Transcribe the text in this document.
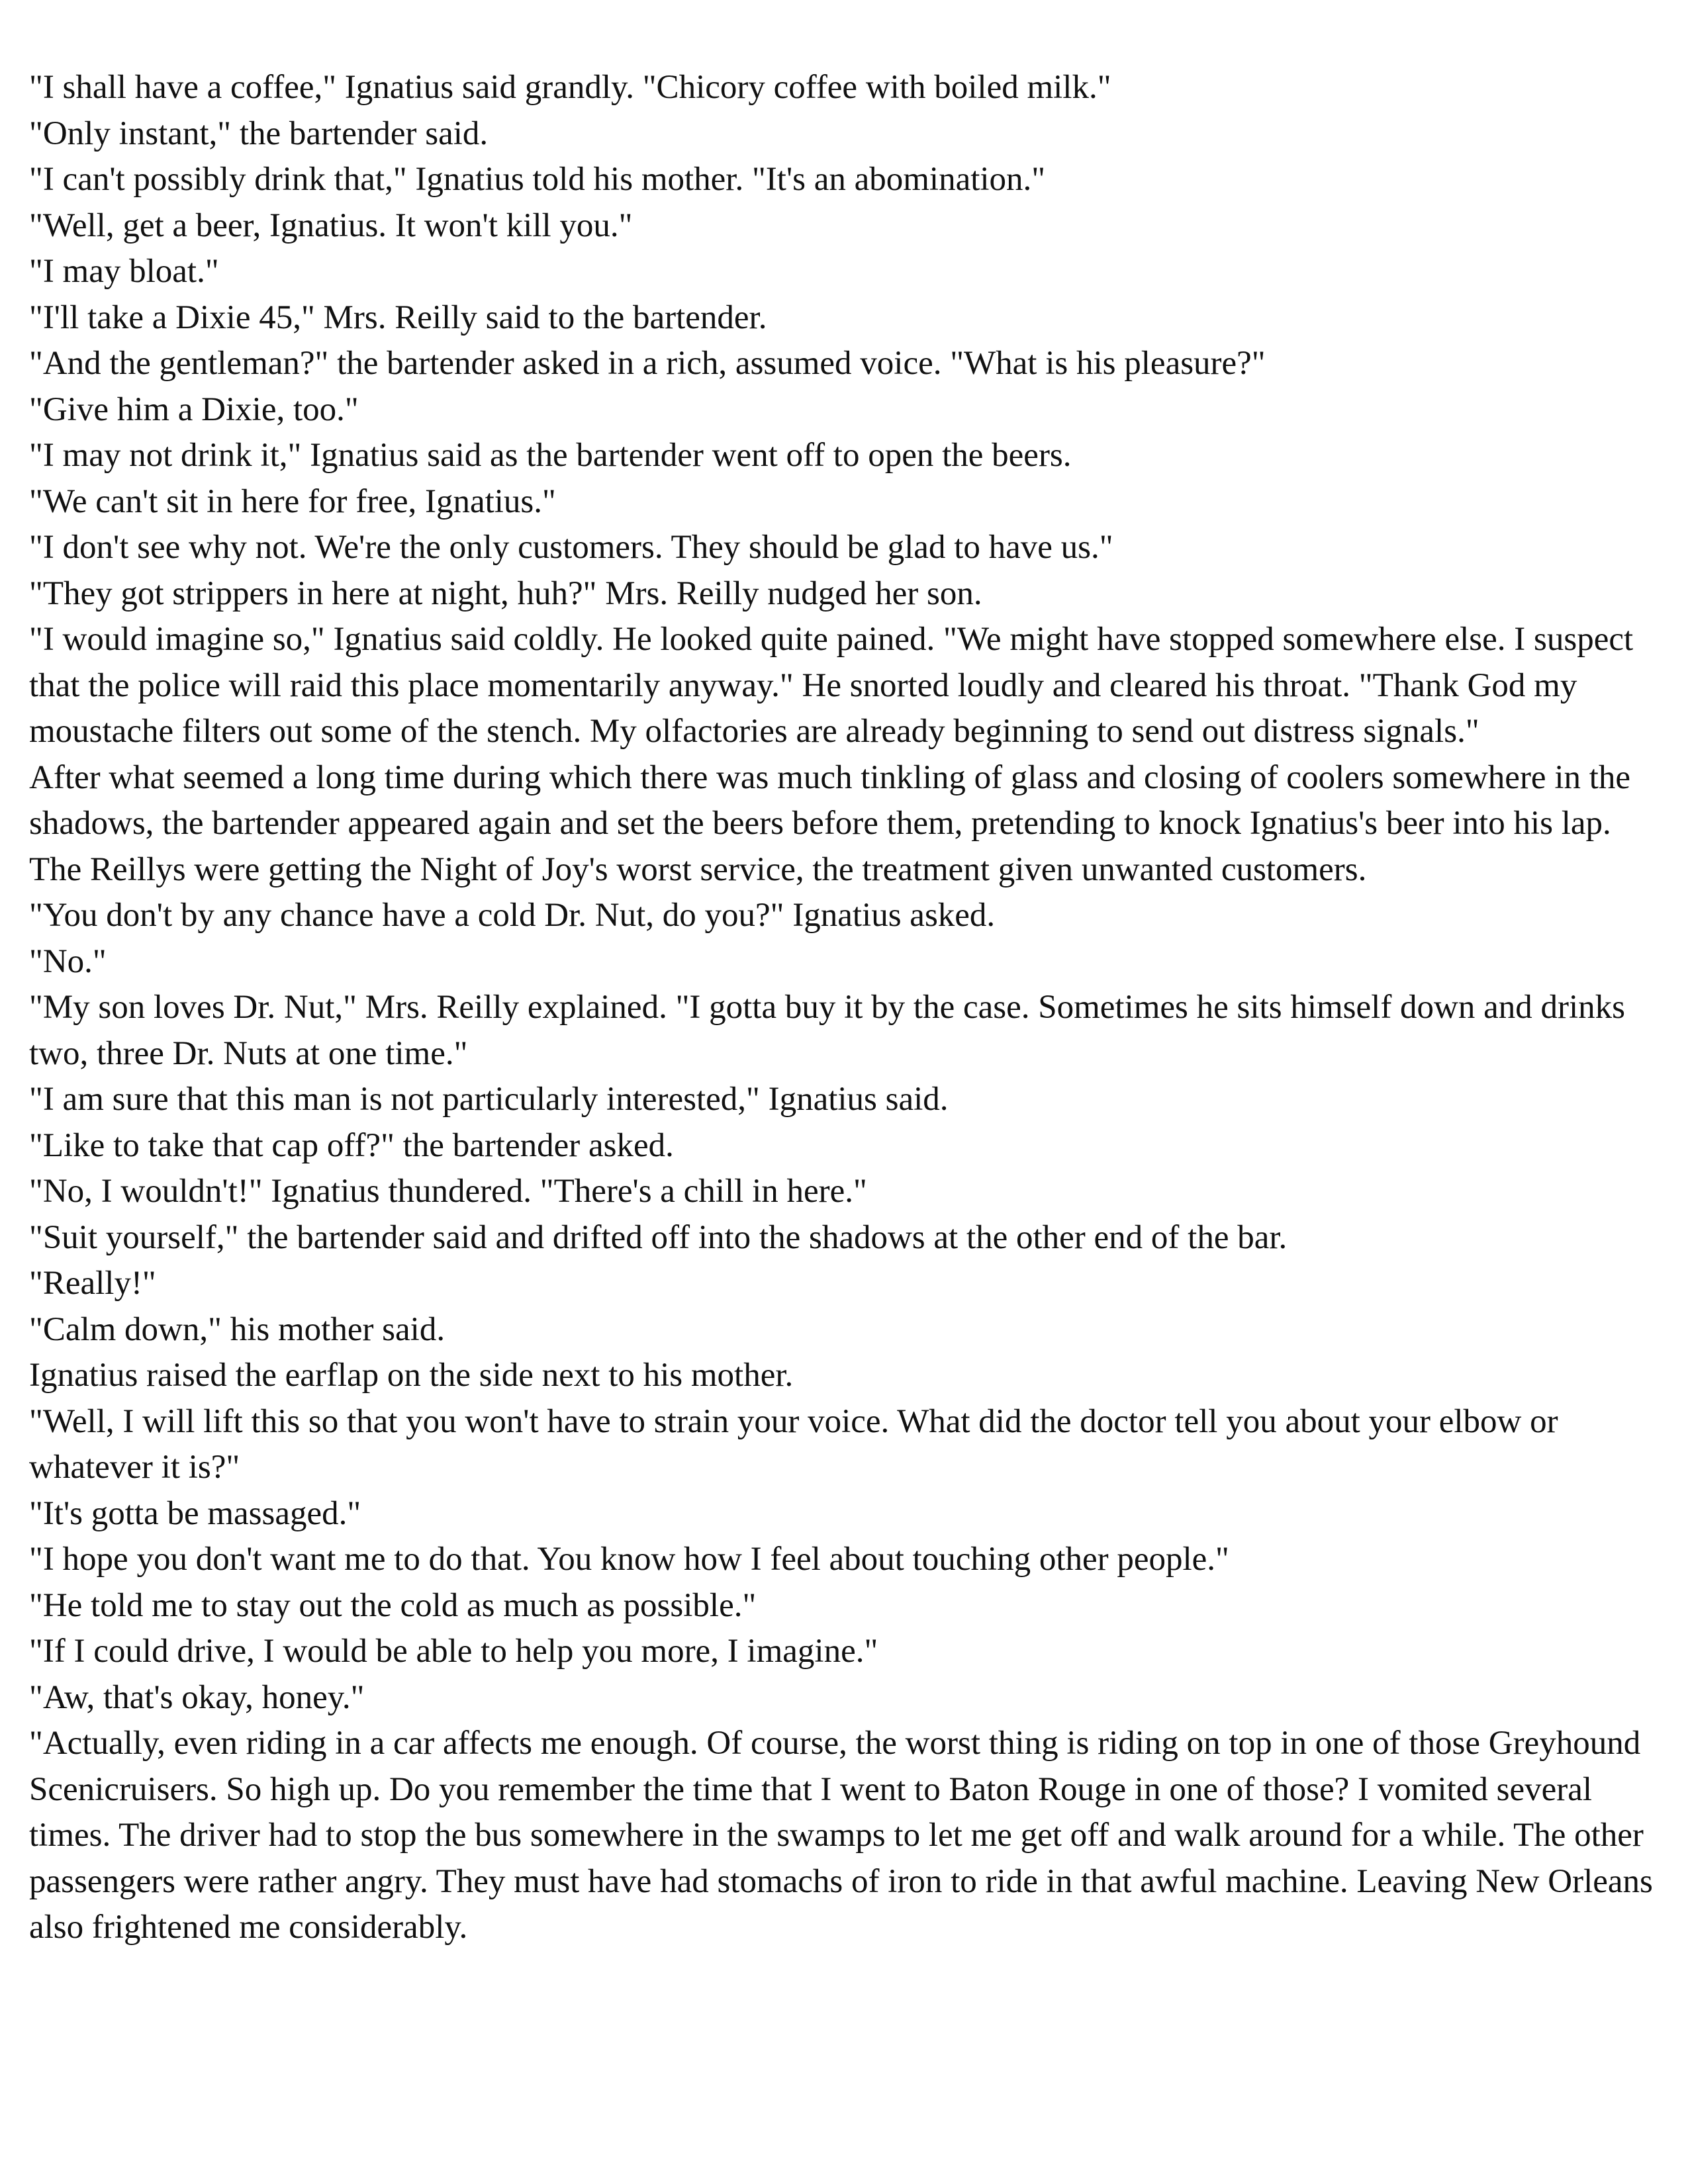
"I shall have a coffee," Ignatius said grandly. "Chicory coffee with boiled milk."

"Only instant," the bartender said.

"I can't possibly drink that," Ignatius told his mother. "It's an abomination."

"Well, get a beer, Ignatius. It won't kill you."

"I may bloat."

"I'll take a Dixie 45," Mrs. Reilly said to the bartender.

"And the gentleman?" the bartender asked in a rich, assumed voice. "What is his pleasure?"

"Give him a Dixie, too."

"I may not drink it," Ignatius said as the bartender went off to open the beers.

"We can't sit in here for free, Ignatius."

"I don't see why not. We're the only customers. They should be glad to have us."

"They got strippers in here at night, huh?" Mrs. Reilly nudged her son.

"I would imagine so," Ignatius said coldly. He looked quite pained. "We might have stopped somewhere else. I suspect that the police will raid this place momentarily anyway." He snorted loudly and cleared his throat. "Thank God my moustache filters out some of the stench. My olfactories are already beginning to send out distress signals."

After what seemed a long time during which there was much tinkling of glass and closing of coolers somewhere in the shadows, the bartender appeared again and set the beers before them, pretending to knock Ignatius's beer into his lap. The Reillys were getting the Night of Joy's worst service, the treatment given unwanted customers.

"You don't by any chance have a cold Dr. Nut, do you?" Ignatius asked.

"No."

"My son loves Dr. Nut," Mrs. Reilly explained. "I gotta buy it by the case. Sometimes he sits himself down and drinks two, three Dr. Nuts at one time."

"I am sure that this man is not particularly interested," Ignatius said.

"Like to take that cap off?" the bartender asked.

"No, I wouldn't!" Ignatius thundered. "There's a chill in here."

"Suit yourself," the bartender said and drifted off into the shadows at the other end of the bar.

"Really!"

"Calm down," his mother said.

Ignatius raised the earflap on the side next to his mother.

"Well, I will lift this so that you won't have to strain your voice. What did the doctor tell you about your elbow or whatever it is?"

"It's gotta be massaged."

"I hope you don't want me to do that. You know how I feel about touching other people."

"He told me to stay out the cold as much as possible."

"If I could drive, I would be able to help you more, I imagine."

"Aw, that's okay, honey."

"Actually, even riding in a car affects me enough. Of course, the worst thing is riding on top in one of those Greyhound Scenicruisers. So high up. Do you remember the time that I went to Baton Rouge in one of those? I vomited several times. The driver had to stop the bus somewhere in the swamps to let me get off and walk around for a while. The other passengers were rather angry. They must have had stomachs of iron to ride in that awful machine. Leaving New Orleans also frightened me considerably.
